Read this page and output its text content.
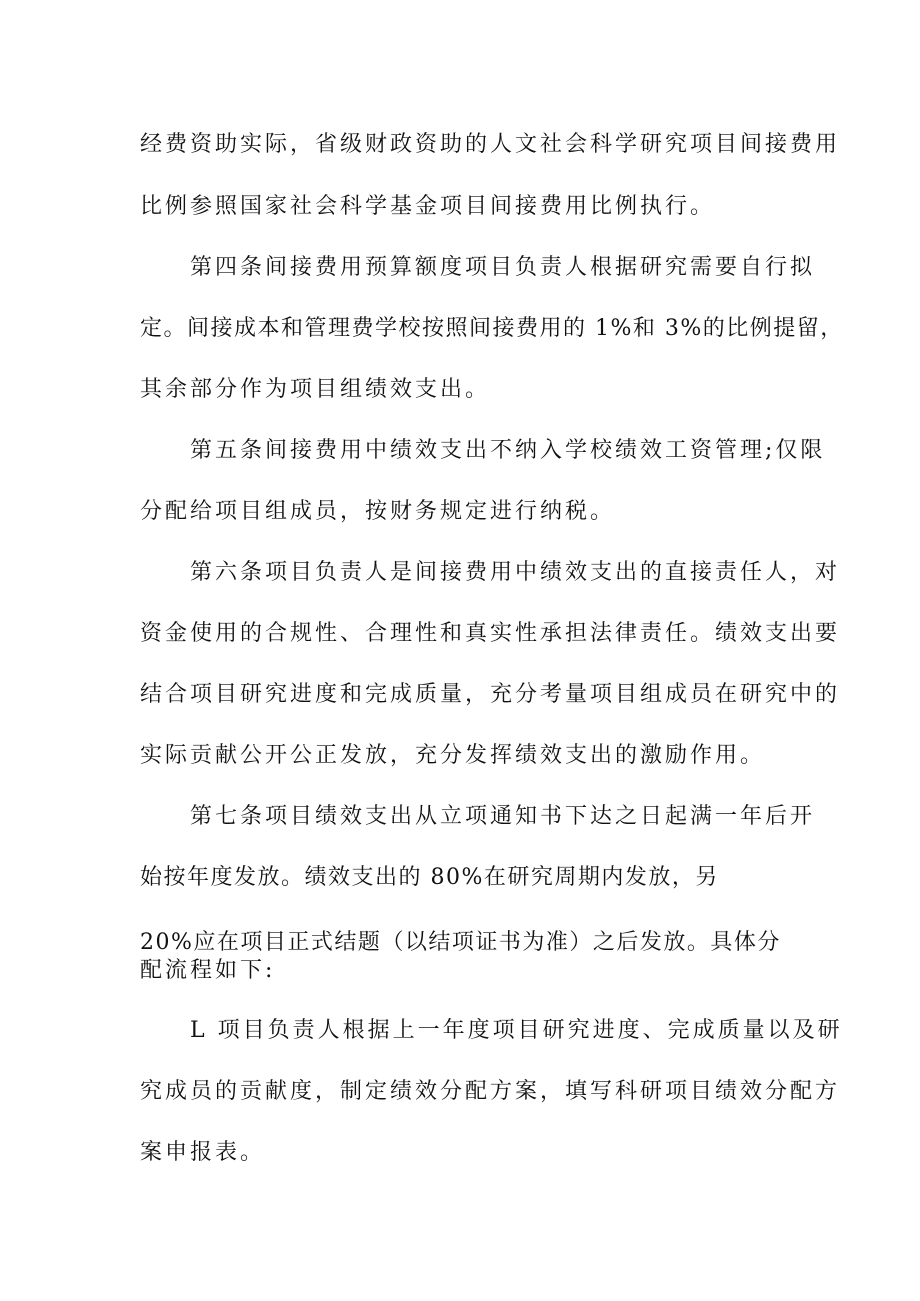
经费资助实际，省级财政资助的人文社会科学研究项目间接费用
比例参照国家社会科学基金项目间接费用比例执行。
第四条间接费用预算额度项目负责人根据研究需要自行拟
定。间接成本和管理费学校按照间接费用的 1%和 3%的比例提留，
其余部分作为项目组绩效支出。
第五条间接费用中绩效支出不纳入学校绩效工资管理;仅限
分配给项目组成员，按财务规定进行纳税。
第六条项目负责人是间接费用中绩效支出的直接责任人，对
资金使用的合规性、合理性和真实性承担法律责任。绩效支出要
结合项目研究进度和完成质量，充分考量项目组成员在研究中的
实际贡献公开公正发放，充分发挥绩效支出的激励作用。
第七条项目绩效支出从立项通知书下达之日起满一年后开
始按年度发放。绩效支出的 80%在研究周期内发放，另
20%应在项目正式结题（以结项证书为准）之后发放。具体分
配流程如下:
L 项目负责人根据上一年度项目研究进度、完成质量以及研
究成员的贡献度，制定绩效分配方案，填写科研项目绩效分配方
案申报表。
